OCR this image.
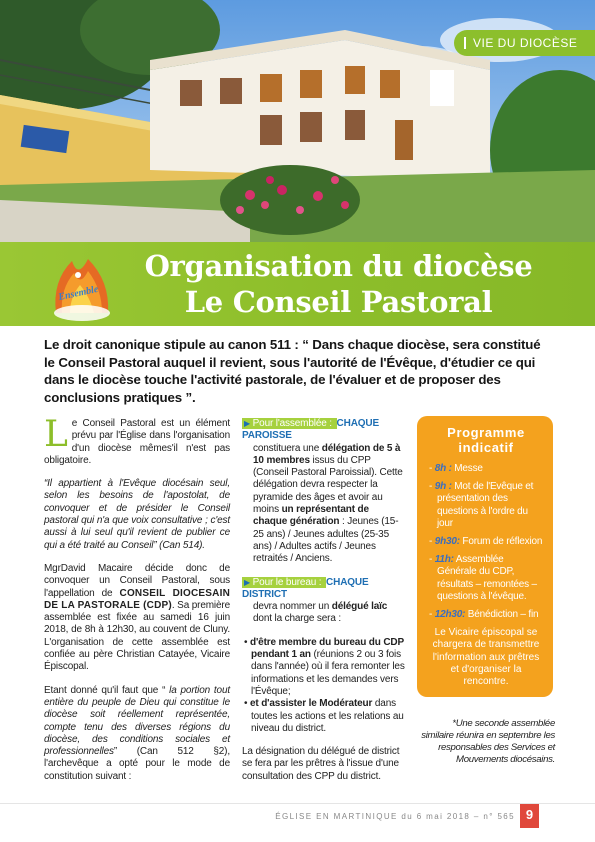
VIE DU DIOCÈSE
Organisation du diocèse
Le Conseil Pastoral
Ensemble

Le droit canonique stipule au canon 511 : “ Dans chaque diocèse, sera constitué le Conseil Pastoral auquel il revient, sous l'autorité de l'Évêque, d'étudier ce qui dans le diocèse touche l'activité pastorale, de l'évaluer et de proposer des conclusions pratiques ”.

Le Conseil Pastoral est un élément prévu par l'Église dans l'organisation d'un diocèse mêmes'il n'est pas obligatoire.

“Il appartient à l'Evêque diocésain seul, selon les besoins de l'apostolat, de convoquer et de présider le Conseil pastoral qui n'a que voix consultative ; c'est aussi à lui seul qu'il revient de publier ce qui a été traité au Conseil” (Can 514).

MgrDavid Macaire décide donc de convoquer un Conseil Pastoral, sous l'appellation de CONSEIL DIOCESAIN DE LA PASTORALE (CDP). Sa première assemblée est fixée au samedi 16 juin 2018, de 8h à 12h30, au couvent de Cluny. L'organisation de cette assemblée est confiée au père Christian Catayée, Vicaire Épiscopal.

Etant donné qu'il faut que “ la portion tout entière du peuple de Dieu qui constitue le diocèse soit réellement représentée, compte tenu des diverses régions du diocèse, des conditions sociales et professionnelles” (Can 512 §2), l'archevêque a opté pour le mode de constitution suivant :

▶ Pour l'assemblée : CHAQUE PAROISSE
constituera une délégation de 5 à 10 membres issus du CPP (Conseil Pastoral Paroissial). Cette délégation devra respecter la pyramide des âges et avoir au moins un représentant de chaque génération : Jeunes (15-25 ans) / Jeunes adultes (25-35 ans) / Adultes actifs / Jeunes retraités / Anciens.

▶ Pour le bureau : CHAQUE DISTRICT
devra nommer un délégué laïc dont la charge sera :

• d'être membre du bureau du CDP pendant 1 an (réunions 2 ou 3 fois dans l'année) où il fera remonter les informations et les demandes vers l'Évêque;
• et d'assister le Modérateur dans toutes les actions et les relations au niveau du district.

La désignation du délégué de district se fera par les prêtres à l'issue d'une consultation des CPP du district.

Programme
indicatif
- 8h : Messe
- 9h : Mot de l'Evêque et présentation des questions à l'ordre du jour
- 9h30: Forum de réflexion
- 11h: Assemblée Générale du CDP, résultats – remontées – questions à l'évêque.
- 12h30: Bénédiction – fin

Le Vicaire épiscopal se chargera de transmettre l'information aux prêtres et d'organiser la rencontre.

*Une seconde assemblée similaire réunira en septembre les responsables des Services et Mouvements diocésains.

ÉGLISE EN MARTINIQUE du 6 mai 2018 – n° 565 9
